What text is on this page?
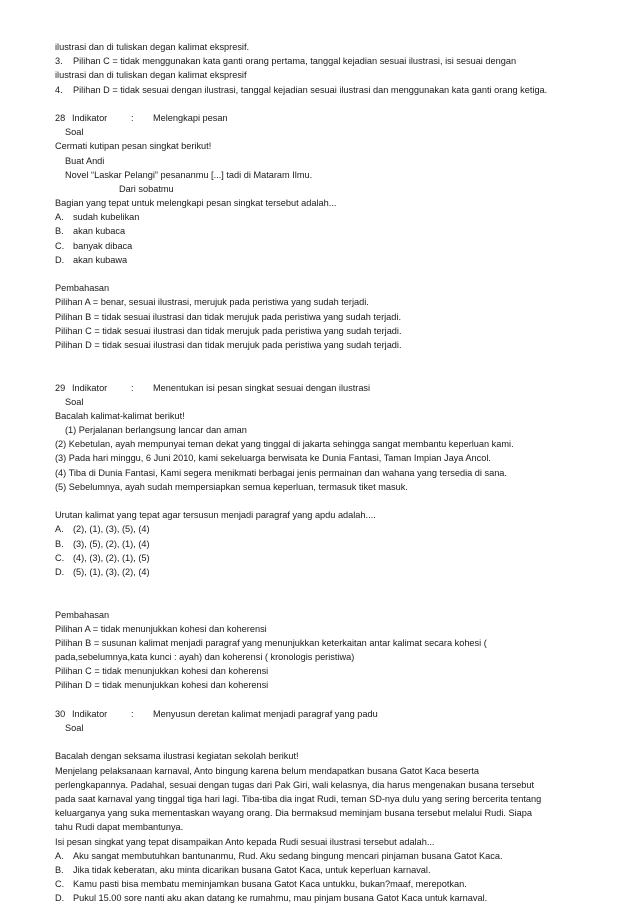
ilustrasi dan di tuliskan degan kalimat ekspresif.
3.	Pilihan C = tidak menggunakan kata ganti orang pertama, tanggal kejadian sesuai ilustrasi, isi sesuai dengan
ilustrasi dan di tuliskan degan kalimat ekspresif
4.	Pilihan D = tidak sesuai dengan ilustrasi, tanggal kejadian sesuai ilustrasi dan menggunakan kata ganti orang ketiga.
28 Indikator	:	Melengkapi pesan
Soal
Cermati kutipan pesan singkat berikut!
Buat Andi
Novel “Laskar Pelangi” pesananmu [...] tadi di Mataram Ilmu.
Dari sobatmu
Bagian yang tepat untuk melengkapi pesan singkat tersebut adalah...
A.	sudah kubelikan
B.	akan kubaca
C. banyak dibaca
D. akan kubawa
Pembahasan
Pilihan A = benar, sesuai ilustrasi, merujuk pada peristiwa yang sudah terjadi.
Pilihan B = tidak sesuai ilustrasi dan tidak merujuk pada peristiwa yang sudah terjadi.
Pilihan C = tidak sesuai ilustrasi dan tidak merujuk pada peristiwa yang sudah terjadi.
Pilihan D = tidak sesuai ilustrasi dan tidak merujuk pada peristiwa yang sudah terjadi.
29 Indikator	:	Menentukan isi pesan singkat sesuai dengan ilustrasi
Soal
Bacalah kalimat-kalimat berikut!
(1) Perjalanan berlangsung lancar dan aman
(2) Kebetulan, ayah mempunyai teman dekat yang tinggal di jakarta sehingga sangat membantu keperluan kami.
(3) Pada hari minggu, 6 Juni 2010, kami sekeluarga berwisata ke Dunia Fantasi, Taman Impian Jaya Ancol.
(4) Tiba di Dunia Fantasi, Kami segera menikmati berbagai jenis permainan dan wahana yang tersedia di sana.
(5) Sebelumnya, ayah sudah mempersiapkan semua keperluan, termasuk tiket masuk.
Urutan kalimat yang tepat agar tersusun menjadi paragraf yang apdu adalah....
A.	(2), (1), (3), (5), (4)
B.	(3), (5), (2), (1), (4)
C. (4), (3), (2), (1), (5)
D. (5), (1), (3), (2), (4)
Pembahasan
Pilihan A = tidak menunjukkan kohesi dan koherensi
Pilihan B = susunan kalimat menjadi paragraf yang menunjukkan keterkaitan antar kalimat secara kohesi (
pada,sebelumnya,kata kunci : ayah) dan koherensi ( kronologis peristiwa)
Pilihan C = tidak menunjukkan kohesi dan koherensi
Pilihan D = tidak menunjukkan kohesi dan koherensi
30 Indikator	:	Menyusun deretan kalimat menjadi paragraf yang padu
Soal
Bacalah dengan seksama ilustrasi kegiatan sekolah berikut!
Menjelang pelaksanaan karnaval, Anto bingung karena belum mendapatkan busana Gatot Kaca beserta
perlengkapannya. Padahal, sesuai dengan tugas dari Pak Giri, wali kelasnya, dia harus mengenakan busana tersebut
pada saat karnaval yang tinggal tiga hari lagi. Tiba-tiba dia ingat Rudi, teman SD-nya dulu yang sering bercerita tentang
keluarganya yang suka mementaskan wayang orang. Dia bermaksud meminjam busana tersebut melalui Rudi. Siapa
tahu Rudi dapat membantunya.
Isi pesan singkat yang tepat disampaikan Anto kepada Rudi sesuai ilustrasi tersebut adalah...
A.	Aku sangat membutuhkan bantunanmu, Rud. Aku sedang bingung mencari pinjaman busana Gatot Kaca.
B.	Jika tidak keberatan, aku minta dicarikan busana Gatot Kaca, untuk keperluan karnaval.
C. Kamu pasti bisa membatu meminjamkan busana Gatot Kaca untukku, bukan?maaf, merepotkan.
D. Pukul 15.00 sore nanti aku akan datang ke rumahmu, mau pinjam busana Gatot Kaca untuk karnaval.
